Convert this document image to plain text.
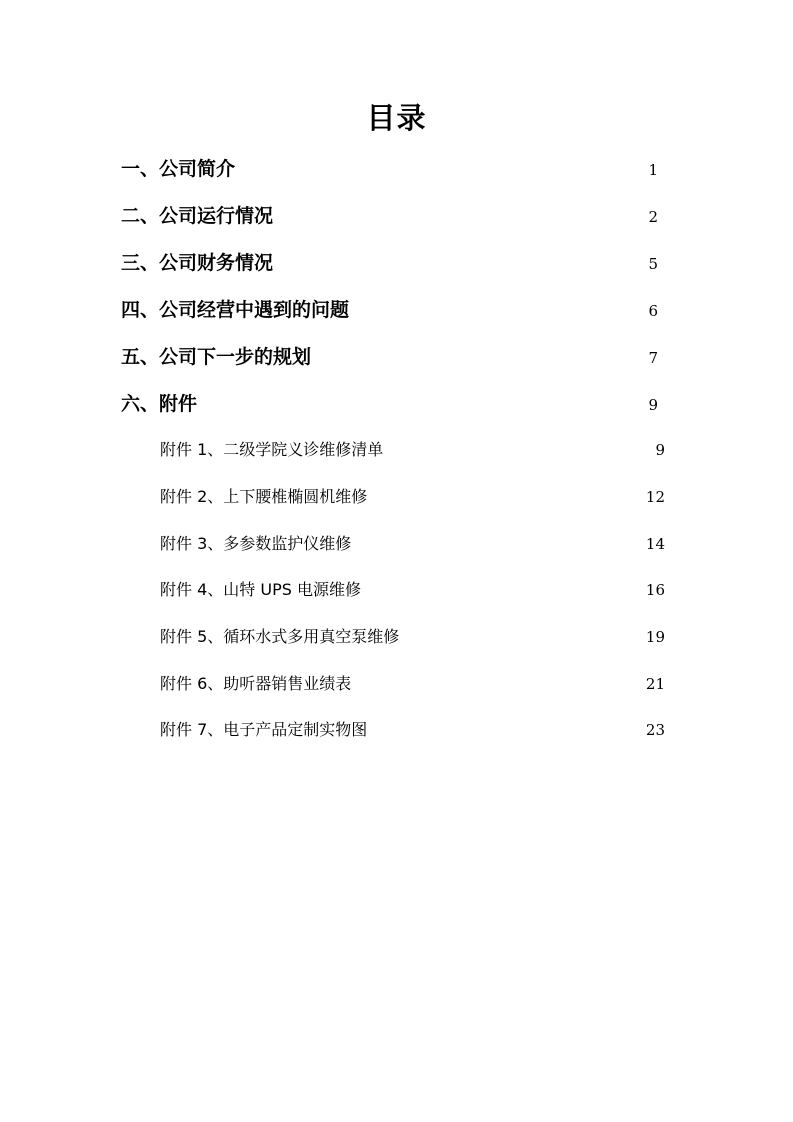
目录
一、公司简介 .....	1
二、公司运行情况 .....	2
三、公司财务情况 .....	5
四、公司经营中遇到的问题 .....	6
五、公司下一步的规划 .....	7
六、附件 .....	9
附件 1、二级学院义诊维修清单 .....	9
附件 2、上下腰椎椭圆机维修 .....	12
附件 3、多参数监护仪维修 .....	14
附件 4、山特 UPS 电源维修 .....	16
附件 5、循环水式多用真空泵维修 .....	19
附件 6、助听器销售业绩表 .....	21
附件 7、电子产品定制实物图 .....	23
